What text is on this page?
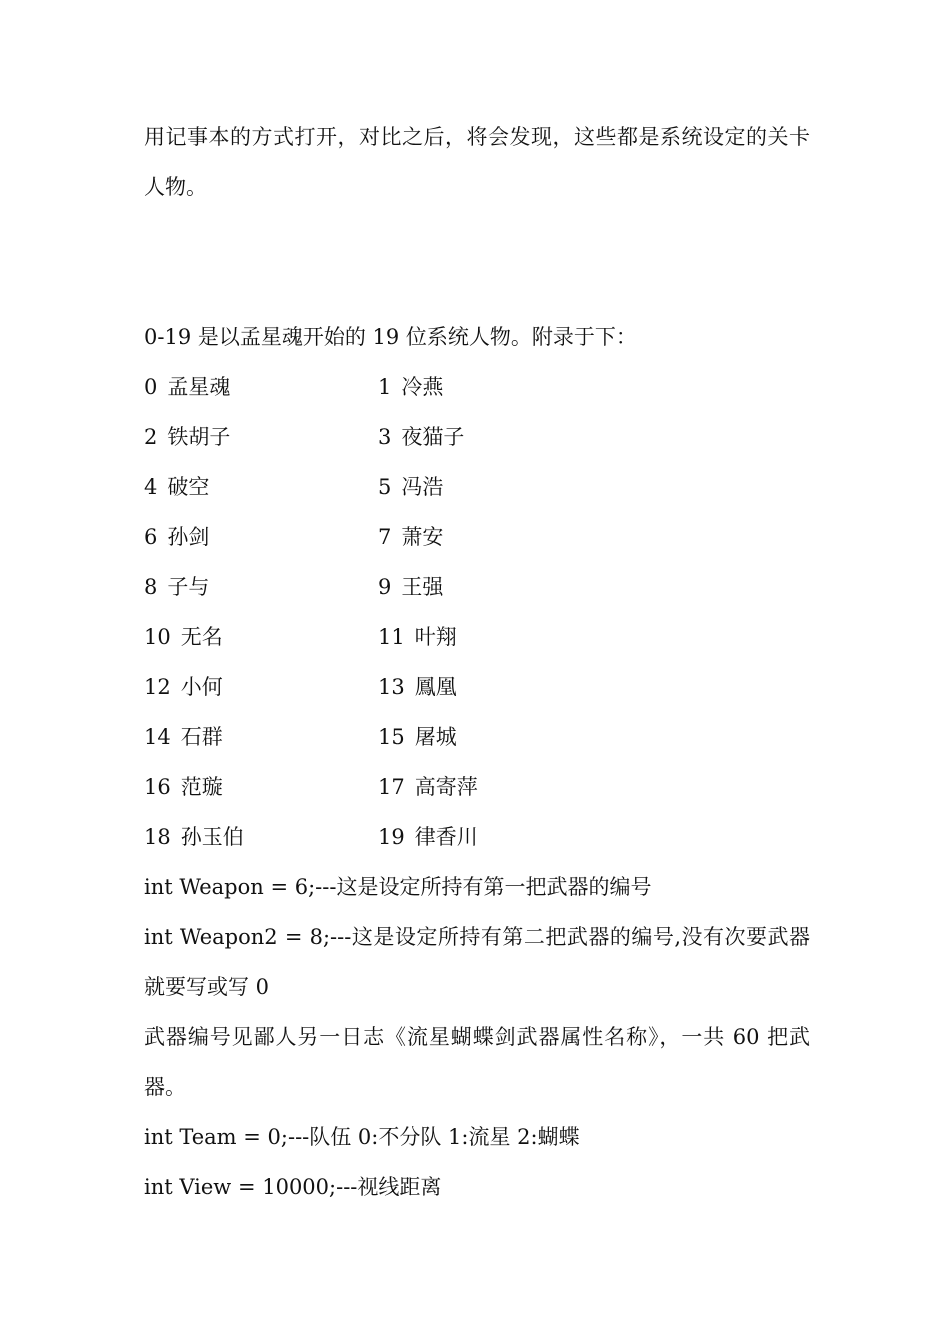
用记事本的方式打开，对比之后，将会发现，这些都是系统设定的关卡人物。

0-19 是以孟星魂开始的 19 位系统人物。附录于下：

0 孟星魂	1 冷燕
2 铁胡子	3 夜猫子
4 破空	5 冯浩
6 孙剑	7 萧安
8 子与	9 王强
10 无名	11 叶翔
12 小何	13 鳳凰
14 石群	15 屠城
16 范璇	17 高寄萍
18 孙玉伯	19 律香川

int Weapon = 6;---这是设定所持有第一把武器的编号

int Weapon2 = 8;---这是设定所持有第二把武器的编号,没有次要武器就要写或写 0

武器编号见鄙人另一日志《流星蝴蝶剑武器属性名称》，一共 60 把武器。

int Team = 0;---队伍 0:不分队 1:流星 2:蝴蝶

int View = 10000;---视线距离
